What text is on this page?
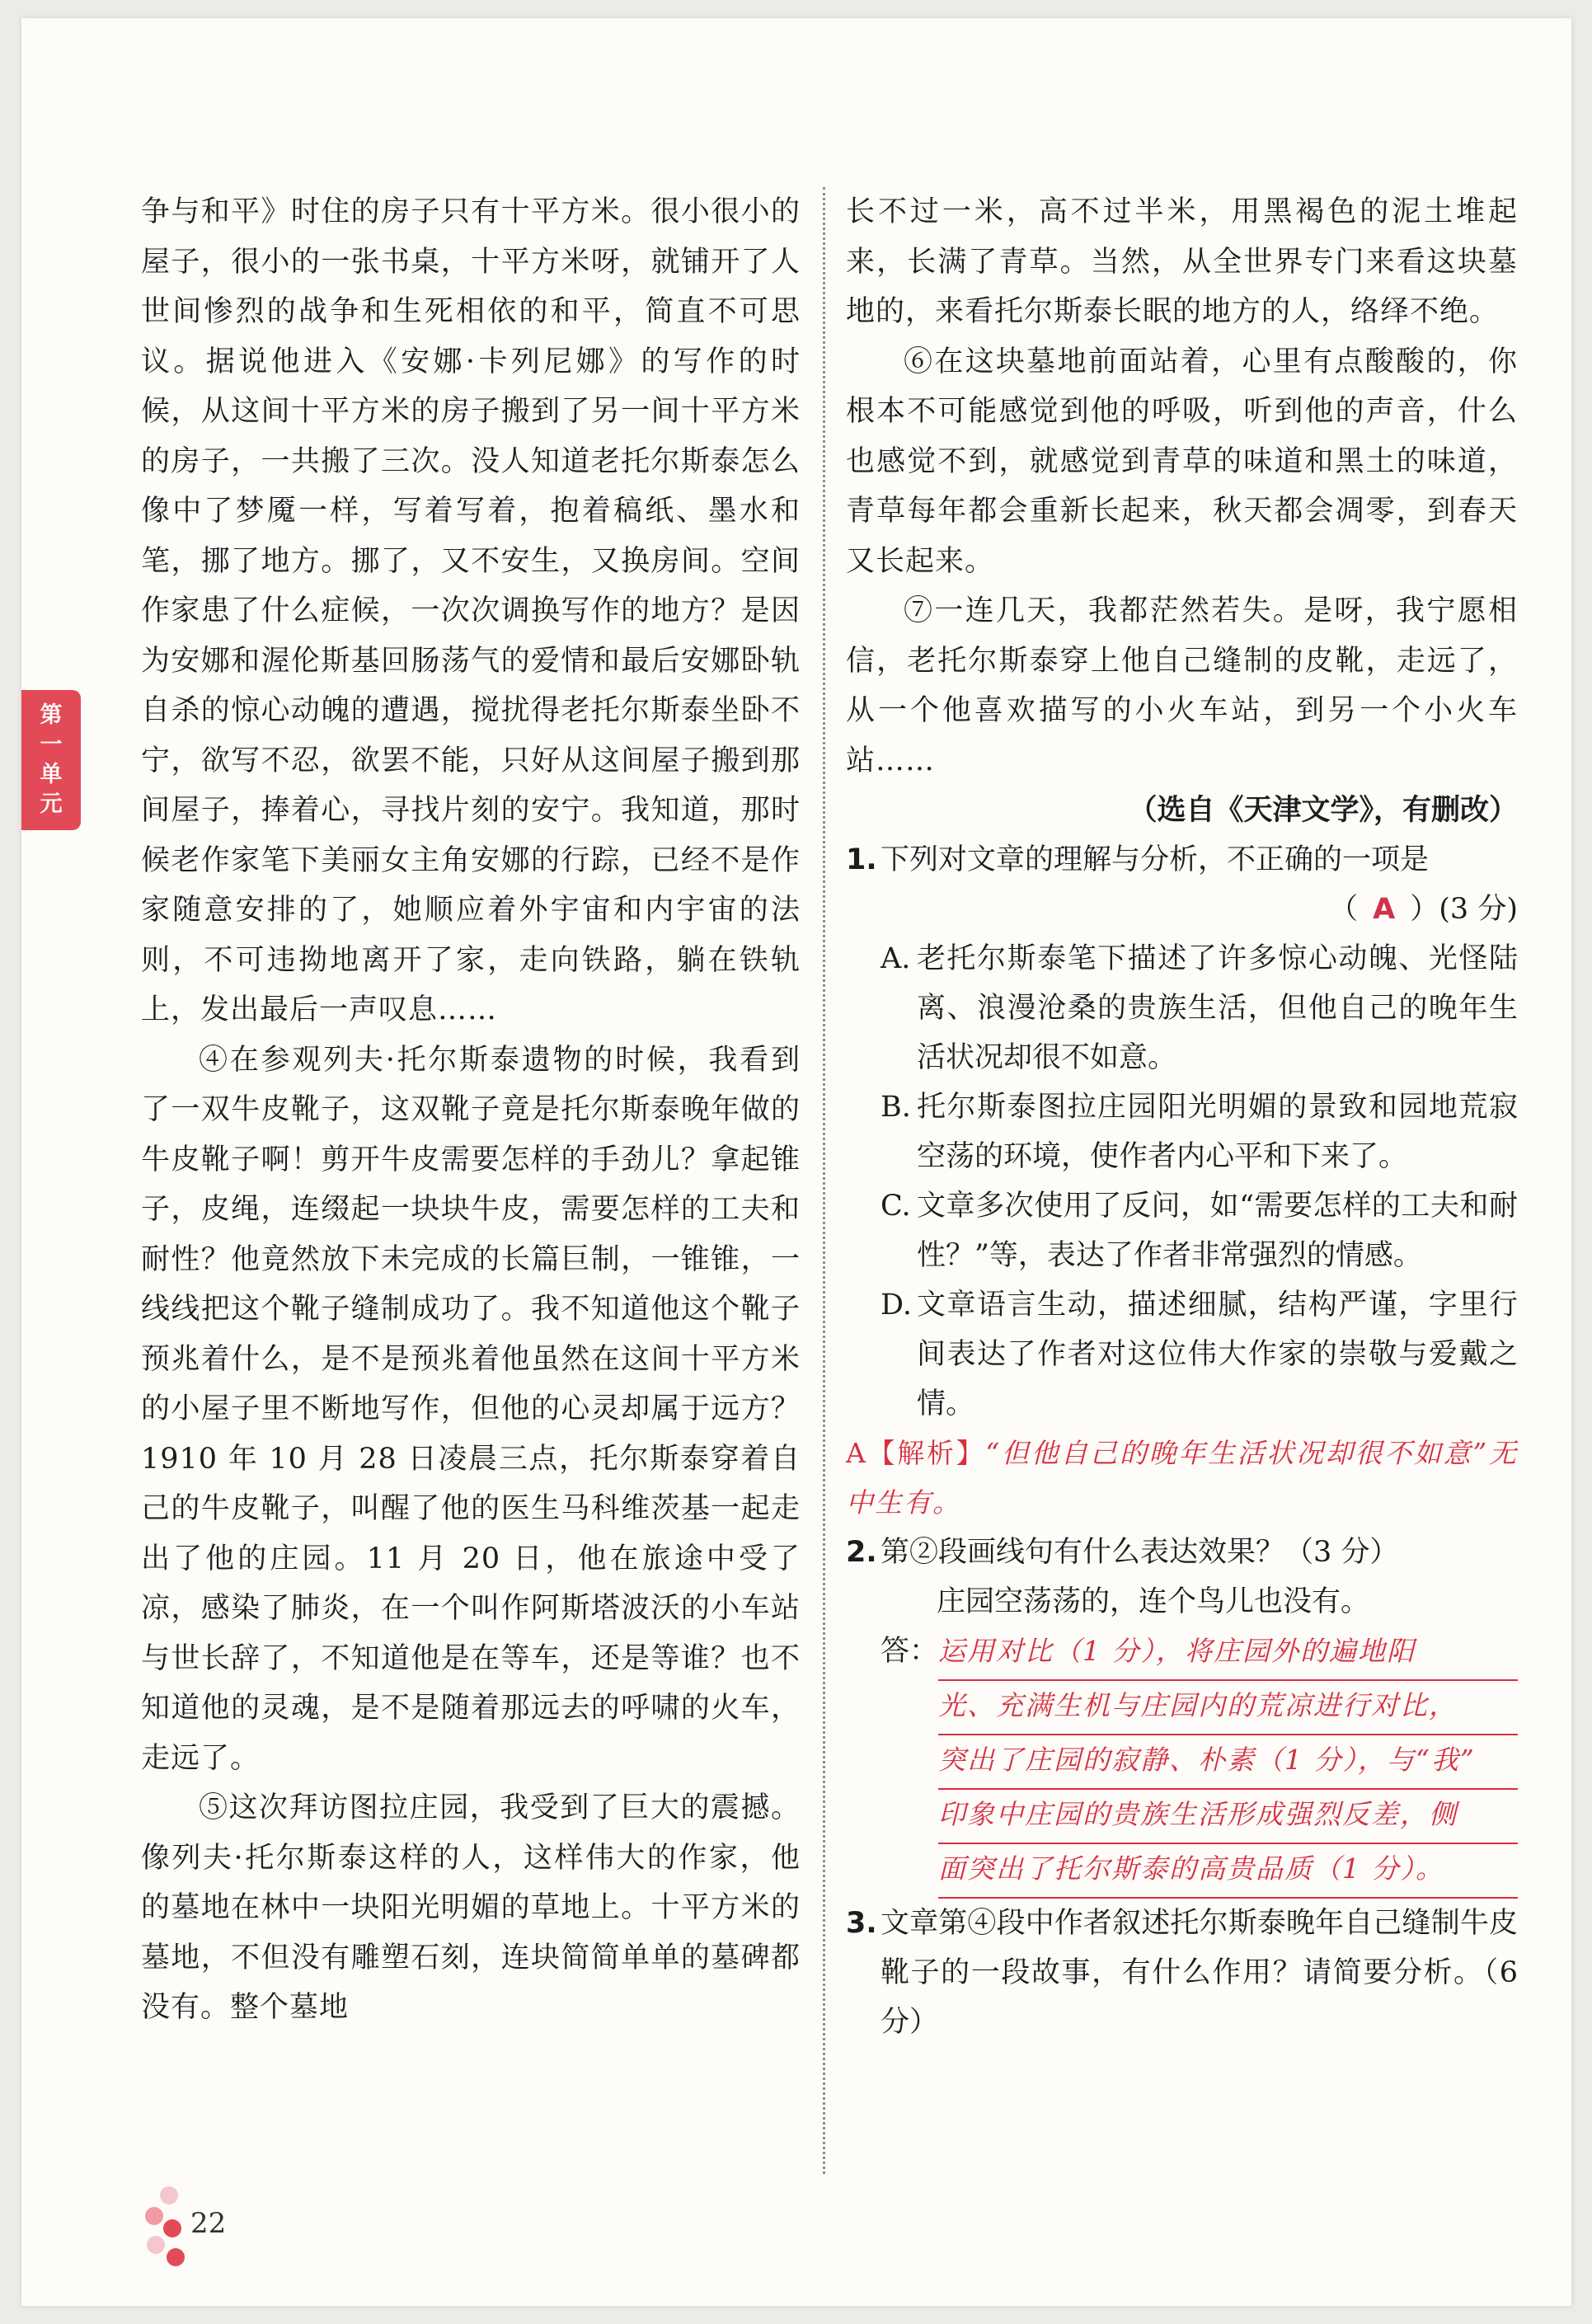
第
一
单
元

争与和平》时住的房子只有十平方米。很小很小的屋子，很小的一张书桌，十平方米呀，就铺开了人世间惨烈的战争和生死相依的和平，简直不可思议。据说他进入《安娜·卡列尼娜》的写作的时候，从这间十平方米的房子搬到了另一间十平方米的房子，一共搬了三次。没人知道老托尔斯泰怎么像中了梦魇一样，写着写着，抱着稿纸、墨水和笔，挪了地方。挪了，又不安生，又换房间。空间作家患了什么症候，一次次调换写作的地方？是因为安娜和渥伦斯基回肠荡气的爱情和最后安娜卧轨自杀的惊心动魄的遭遇，搅扰得老托尔斯泰坐卧不宁，欲写不忍，欲罢不能，只好从这间屋子搬到那间屋子，捧着心，寻找片刻的安宁。我知道，那时候老作家笔下美丽女主角安娜的行踪，已经不是作家随意安排的了，她顺应着外宇宙和内宇宙的法则，不可违拗地离开了家，走向铁路，躺在铁轨上，发出最后一声叹息……

④在参观列夫·托尔斯泰遗物的时候，我看到了一双牛皮靴子，这双靴子竟是托尔斯泰晚年做的牛皮靴子啊！剪开牛皮需要怎样的手劲儿？拿起锥子，皮绳，连缀起一块块牛皮，需要怎样的工夫和耐性？他竟然放下未完成的长篇巨制，一锥锥，一线线把这个靴子缝制成功了。我不知道他这个靴子预兆着什么，是不是预兆着他虽然在这间十平方米的小屋子里不断地写作，但他的心灵却属于远方？1910 年 10 月 28 日凌晨三点，托尔斯泰穿着自己的牛皮靴子，叫醒了他的医生马科维茨基一起走出了他的庄园。11 月 20 日，他在旅途中受了凉，感染了肺炎，在一个叫作阿斯塔波沃的小车站与世长辞了，不知道他是在等车，还是等谁？也不知道他的灵魂，是不是随着那远去的呼啸的火车，走远了。

⑤这次拜访图拉庄园，我受到了巨大的震撼。像列夫·托尔斯泰这样的人，这样伟大的作家，他的墓地在林中一块阳光明媚的草地上。十平方米的墓地，不但没有雕塑石刻，连块简简单单的墓碑都没有。整个墓地

长不过一米，高不过半米，用黑褐色的泥土堆起来，长满了青草。当然，从全世界专门来看这块墓地的，来看托尔斯泰长眠的地方的人，络绎不绝。

⑥在这块墓地前面站着，心里有点酸酸的，你根本不可能感觉到他的呼吸，听到他的声音，什么也感觉不到，就感觉到青草的味道和黑土的味道，青草每年都会重新长起来，秋天都会凋零，到春天又长起来。

⑦一连几天，我都茫然若失。是呀，我宁愿相信，老托尔斯泰穿上他自己缝制的皮靴，走远了，从一个他喜欢描写的小火车站，到另一个小火车站……

（选自《天津文学》，有删改）

1. 下列对文章的理解与分析，不正确的一项是
（ A ） (3 分)
A. 老托尔斯泰笔下描述了许多惊心动魄、光怪陆离、浪漫沧桑的贵族生活，但他自己的晚年生活状况却很不如意。
B. 托尔斯泰图拉庄园阳光明媚的景致和园地荒寂空荡的环境，使作者内心平和下来了。
C. 文章多次使用了反问，如“需要怎样的工夫和耐性？”等，表达了作者非常强烈的情感。
D. 文章语言生动，描述细腻，结构严谨，字里行间表达了作者对这位伟大作家的崇敬与爱戴之情。
A【解析】“但他自己的晚年生活状况却很不如意”无中生有。
2. 第②段画线句有什么表达效果？（3 分）

庄园空荡荡的，连个鸟儿也没有。

答： 运用对比（1 分），将庄园外的遍地阳
光、充满生机与庄园内的荒凉进行对比，
突出了庄园的寂静、朴素（1 分），与“我”
印象中庄园的贵族生活形成强烈反差，侧
面突出了托尔斯泰的高贵品质（1 分）。
3. 文章第④段中作者叙述托尔斯泰晚年自己缝制牛皮靴子的一段故事，有什么作用？请简要分析。（6 分）
22
